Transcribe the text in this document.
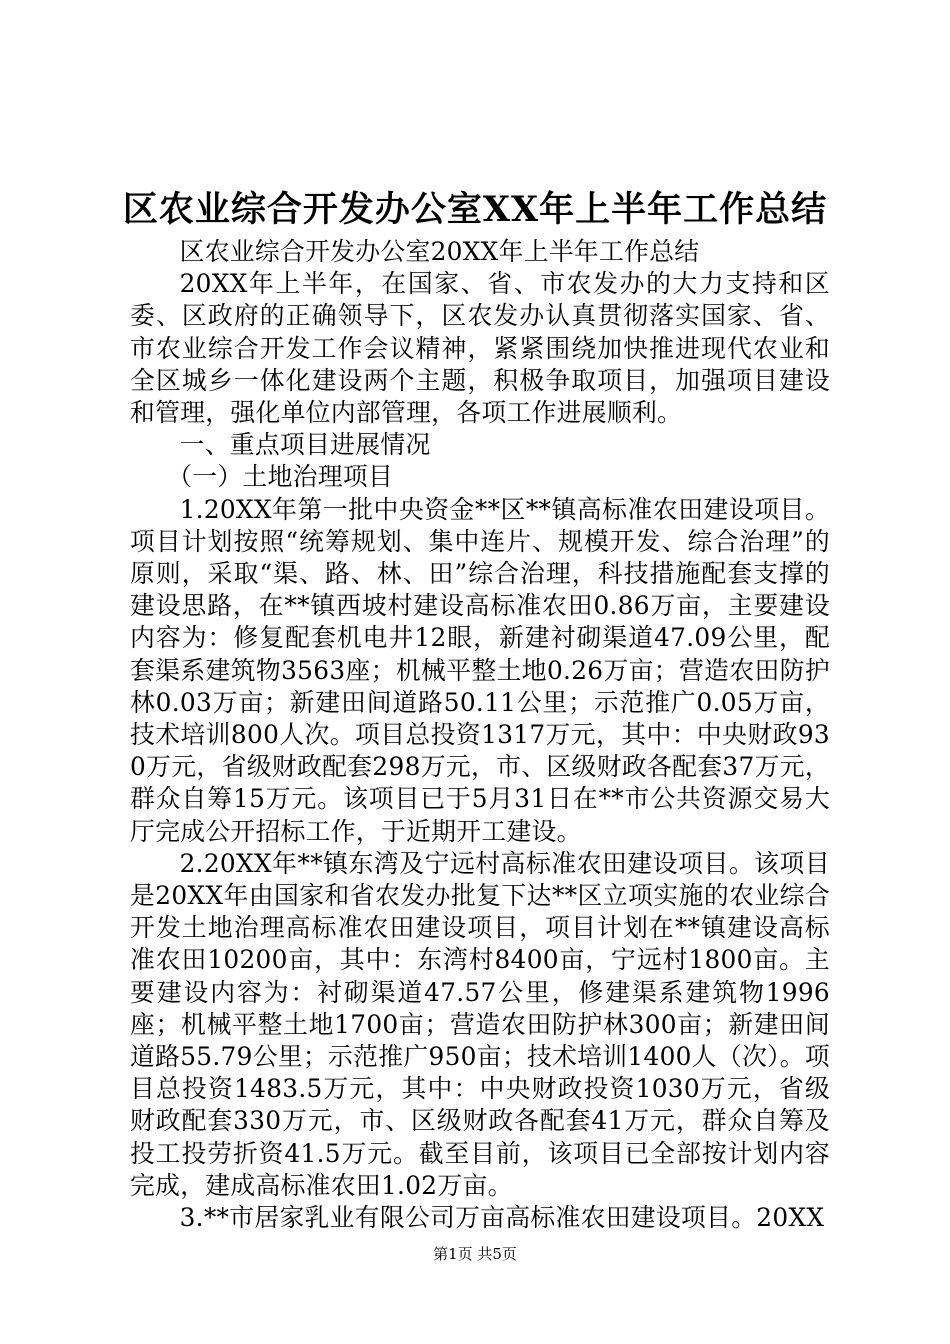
区农业综合开发办公室XX年上半年工作总结

区农业综合开发办公室20XX年上半年工作总结

20XX年上半年，在国家、省、市农发办的大力支持和区委、区政府的正确领导下，区农发办认真贯彻落实国家、省、市农业综合开发工作会议精神，紧紧围绕加快推进现代农业和全区城乡一体化建设两个主题，积极争取项目，加强项目建设和管理，强化单位内部管理，各项工作进展顺利。

一、重点项目进展情况

（一）土地治理项目

1.20XX年第一批中央资金**区**镇高标准农田建设项目。项目计划按照“统筹规划、集中连片、规模开发、综合治理”的原则，采取“渠、路、林、田”综合治理，科技措施配套支撑的建设思路，在**镇西坡村建设高标准农田0.86万亩，主要建设内容为：修复配套机电井12眼，新建衬砌渠道47.09公里，配套渠系建筑物3563座；机械平整土地0.26万亩；营造农田防护林0.03万亩；新建田间道路50.11公里；示范推广0.05万亩，技术培训800人次。项目总投资1317万元，其中：中央财政930万元，省级财政配套298万元，市、区级财政各配套37万元，群众自筹15万元。该项目已于5月31日在**市公共资源交易大厅完成公开招标工作，于近期开工建设。

2.20XX年**镇东湾及宁远村高标准农田建设项目。该项目是20XX年由国家和省农发办批复下达**区立项实施的农业综合开发土地治理高标准农田建设项目，项目计划在**镇建设高标准农田10200亩，其中：东湾村8400亩，宁远村1800亩。主要建设内容为：衬砌渠道47.57公里，修建渠系建筑物1996座；机械平整土地1700亩；营造农田防护林300亩；新建田间道路55.79公里；示范推广950亩；技术培训1400人（次）。项目总投资1483.5万元，其中：中央财政投资1030万元，省级财政配套330万元，市、区级财政各配套41万元，群众自筹及投工投劳折资41.5万元。截至目前，该项目已全部按计划内容完成，建成高标准农田1.02万亩。

3.**市居家乳业有限公司万亩高标准农田建设项目。20XX

第1页 共5页
